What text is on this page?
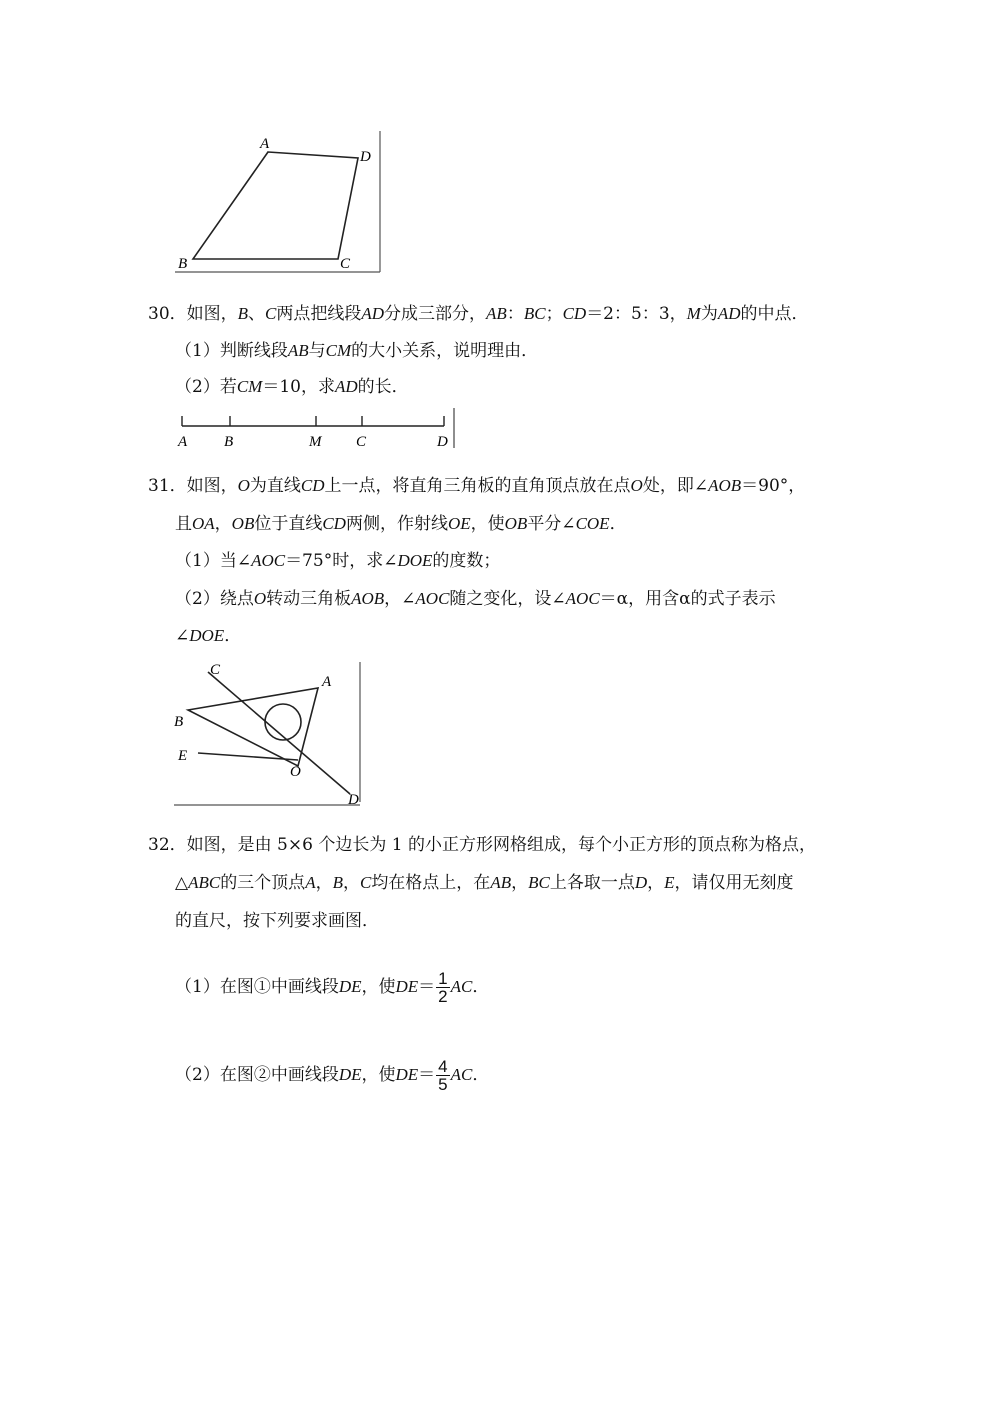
A
D
B	C
30．如图，B、C两点把线段AD分成三部分，AB：BC；CD＝2：5：3，M为AD的中点．
（1）判断线段AB与CM的大小关系，说明理由．
（2）若CM＝10，求AD的长．
A B	M C	D
31．如图，O为直线CD上一点，将直角三角板的直角顶点放在点O处，即∠AOB＝90°，
且OA，OB位于直线CD两侧，作射线OE，使OB平分∠COE．
（1）当∠AOC＝75°时，求∠DOE的度数；
（2）绕点O转动三角板AOB，∠AOC随之变化，设∠AOC＝α，用含α的式子表示
∠DOE．
C
A
B
E
O
D
32．如图，是由 5×6 个边长为 1 的小正方形网格组成，每个小正方形的顶点称为格点，
△ABC的三个顶点A，B，C均在格点上，在AB，BC上各取一点D，E，请仅用无刻度
的直尺，按下列要求画图．
（1）在图①中画线段DE，使$DE= \frac{1}{2}$ AC．
（2）在图②中画线段DE，使$DE= \frac{4}{5}$ AC．
